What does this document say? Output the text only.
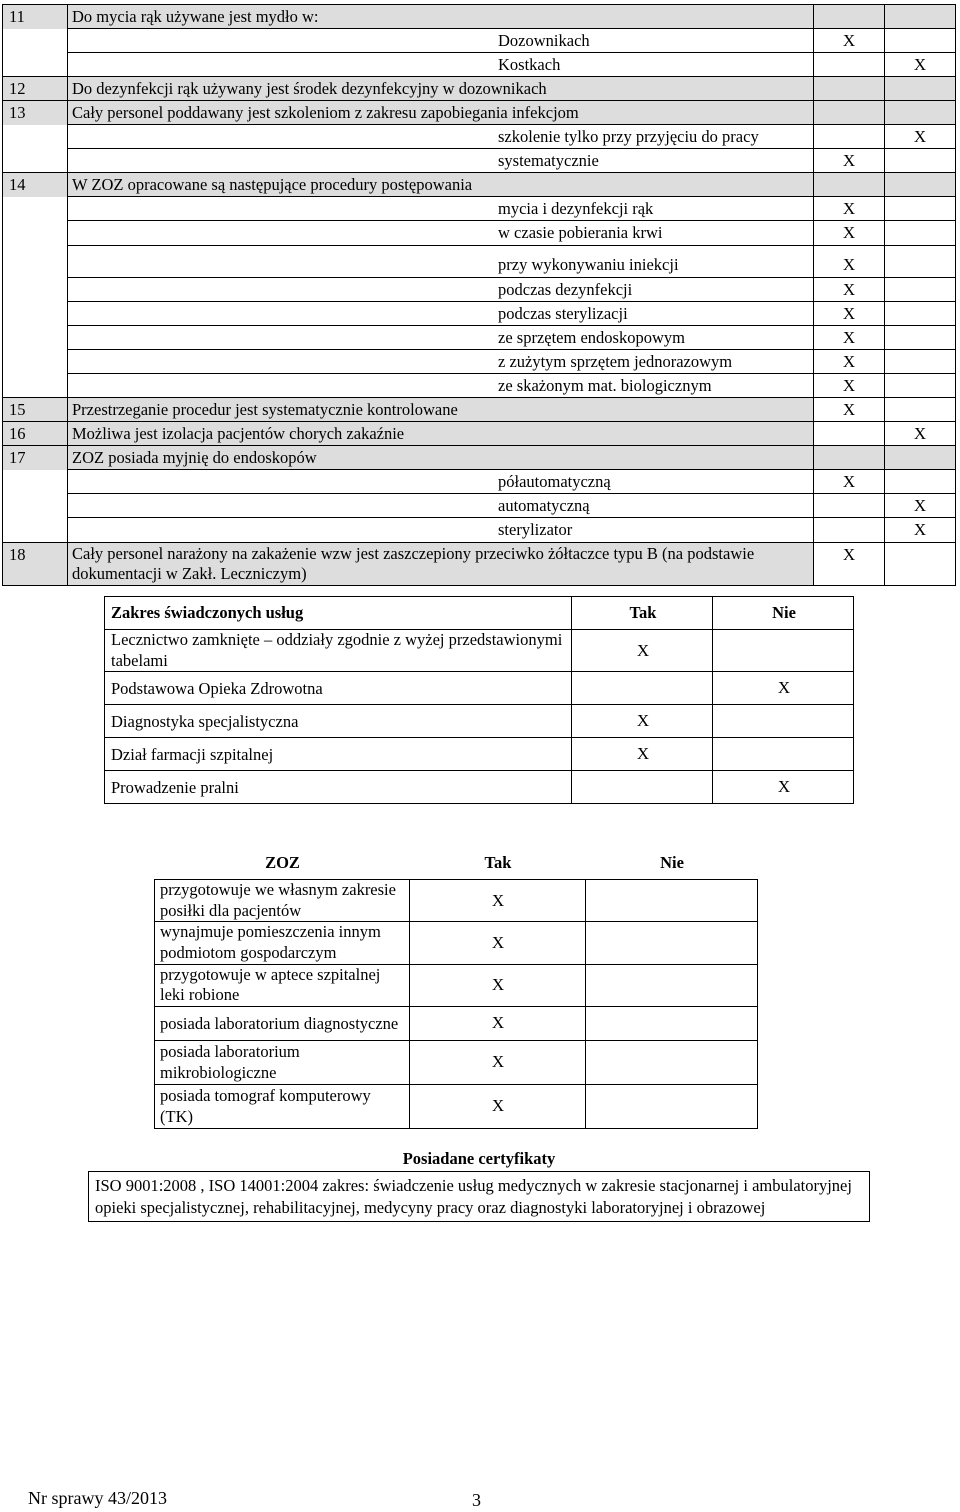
11	Do mycia rąk używane jest mydło w:		
	Dozownikach	X	
	Kostkach		X
12	Do dezynfekcji rąk używany jest środek dezynfekcyjny w dozownikach		
13	Cały personel poddawany jest szkoleniom z zakresu zapobiegania infekcjom		
	szkolenie tylko przy przyjęciu do pracy		X
	systematycznie	X	
14	W ZOZ opracowane są następujące procedury postępowania		
	mycia i dezynfekcji rąk	X	
	w czasie pobierania krwi	X	
	przy wykonywaniu iniekcji	X	
	podczas dezynfekcji	X	
	podczas sterylizacji	X	
	ze sprzętem endoskopowym	X	
	z zużytym sprzętem jednorazowym	X	
	ze skażonym mat. biologicznym	X	
15	Przestrzeganie procedur jest systematycznie kontrolowane	X	
16	Możliwa jest izolacja pacjentów chorych zakaźnie		X
17	ZOZ posiada myjnię do endoskopów		
	półautomatyczną	X	
	automatyczną		X
	sterylizator		X
18	Cały personel narażony na zakażenie wzw jest zaszczepiony przeciwko żółtaczce typu B (na podstawie dokumentacji w Zakł. Leczniczym)	X	
Zakres świadczonych usług	Tak	Nie
Lecznictwo zamknięte – oddziały zgodnie z wyżej przedstawionymi tabelami	X	
Podstawowa Opieka Zdrowotna		X
Diagnostyka specjalistyczna	X	
Dział farmacji szpitalnej	X	
Prowadzenie pralni		X
ZOZ	Tak	Nie
przygotowuje we własnym zakresie posiłki dla pacjentów	X	
wynajmuje pomieszczenia innym podmiotom gospodarczym	X	
przygotowuje w aptece szpitalnej leki robione	X	
posiada laboratorium diagnostyczne	X	
posiada laboratorium mikrobiologiczne	X	
posiada tomograf komputerowy (TK)	X	
Posiadane certyfikaty
ISO 9001:2008 , ISO 14001:2004 zakres: świadczenie usług medycznych w zakresie stacjonarnej i ambulatoryjnej opieki specjalistycznej, rehabilitacyjnej, medycyny pracy oraz diagnostyki laboratoryjnej i obrazowej
Nr sprawy 43/2013	3
